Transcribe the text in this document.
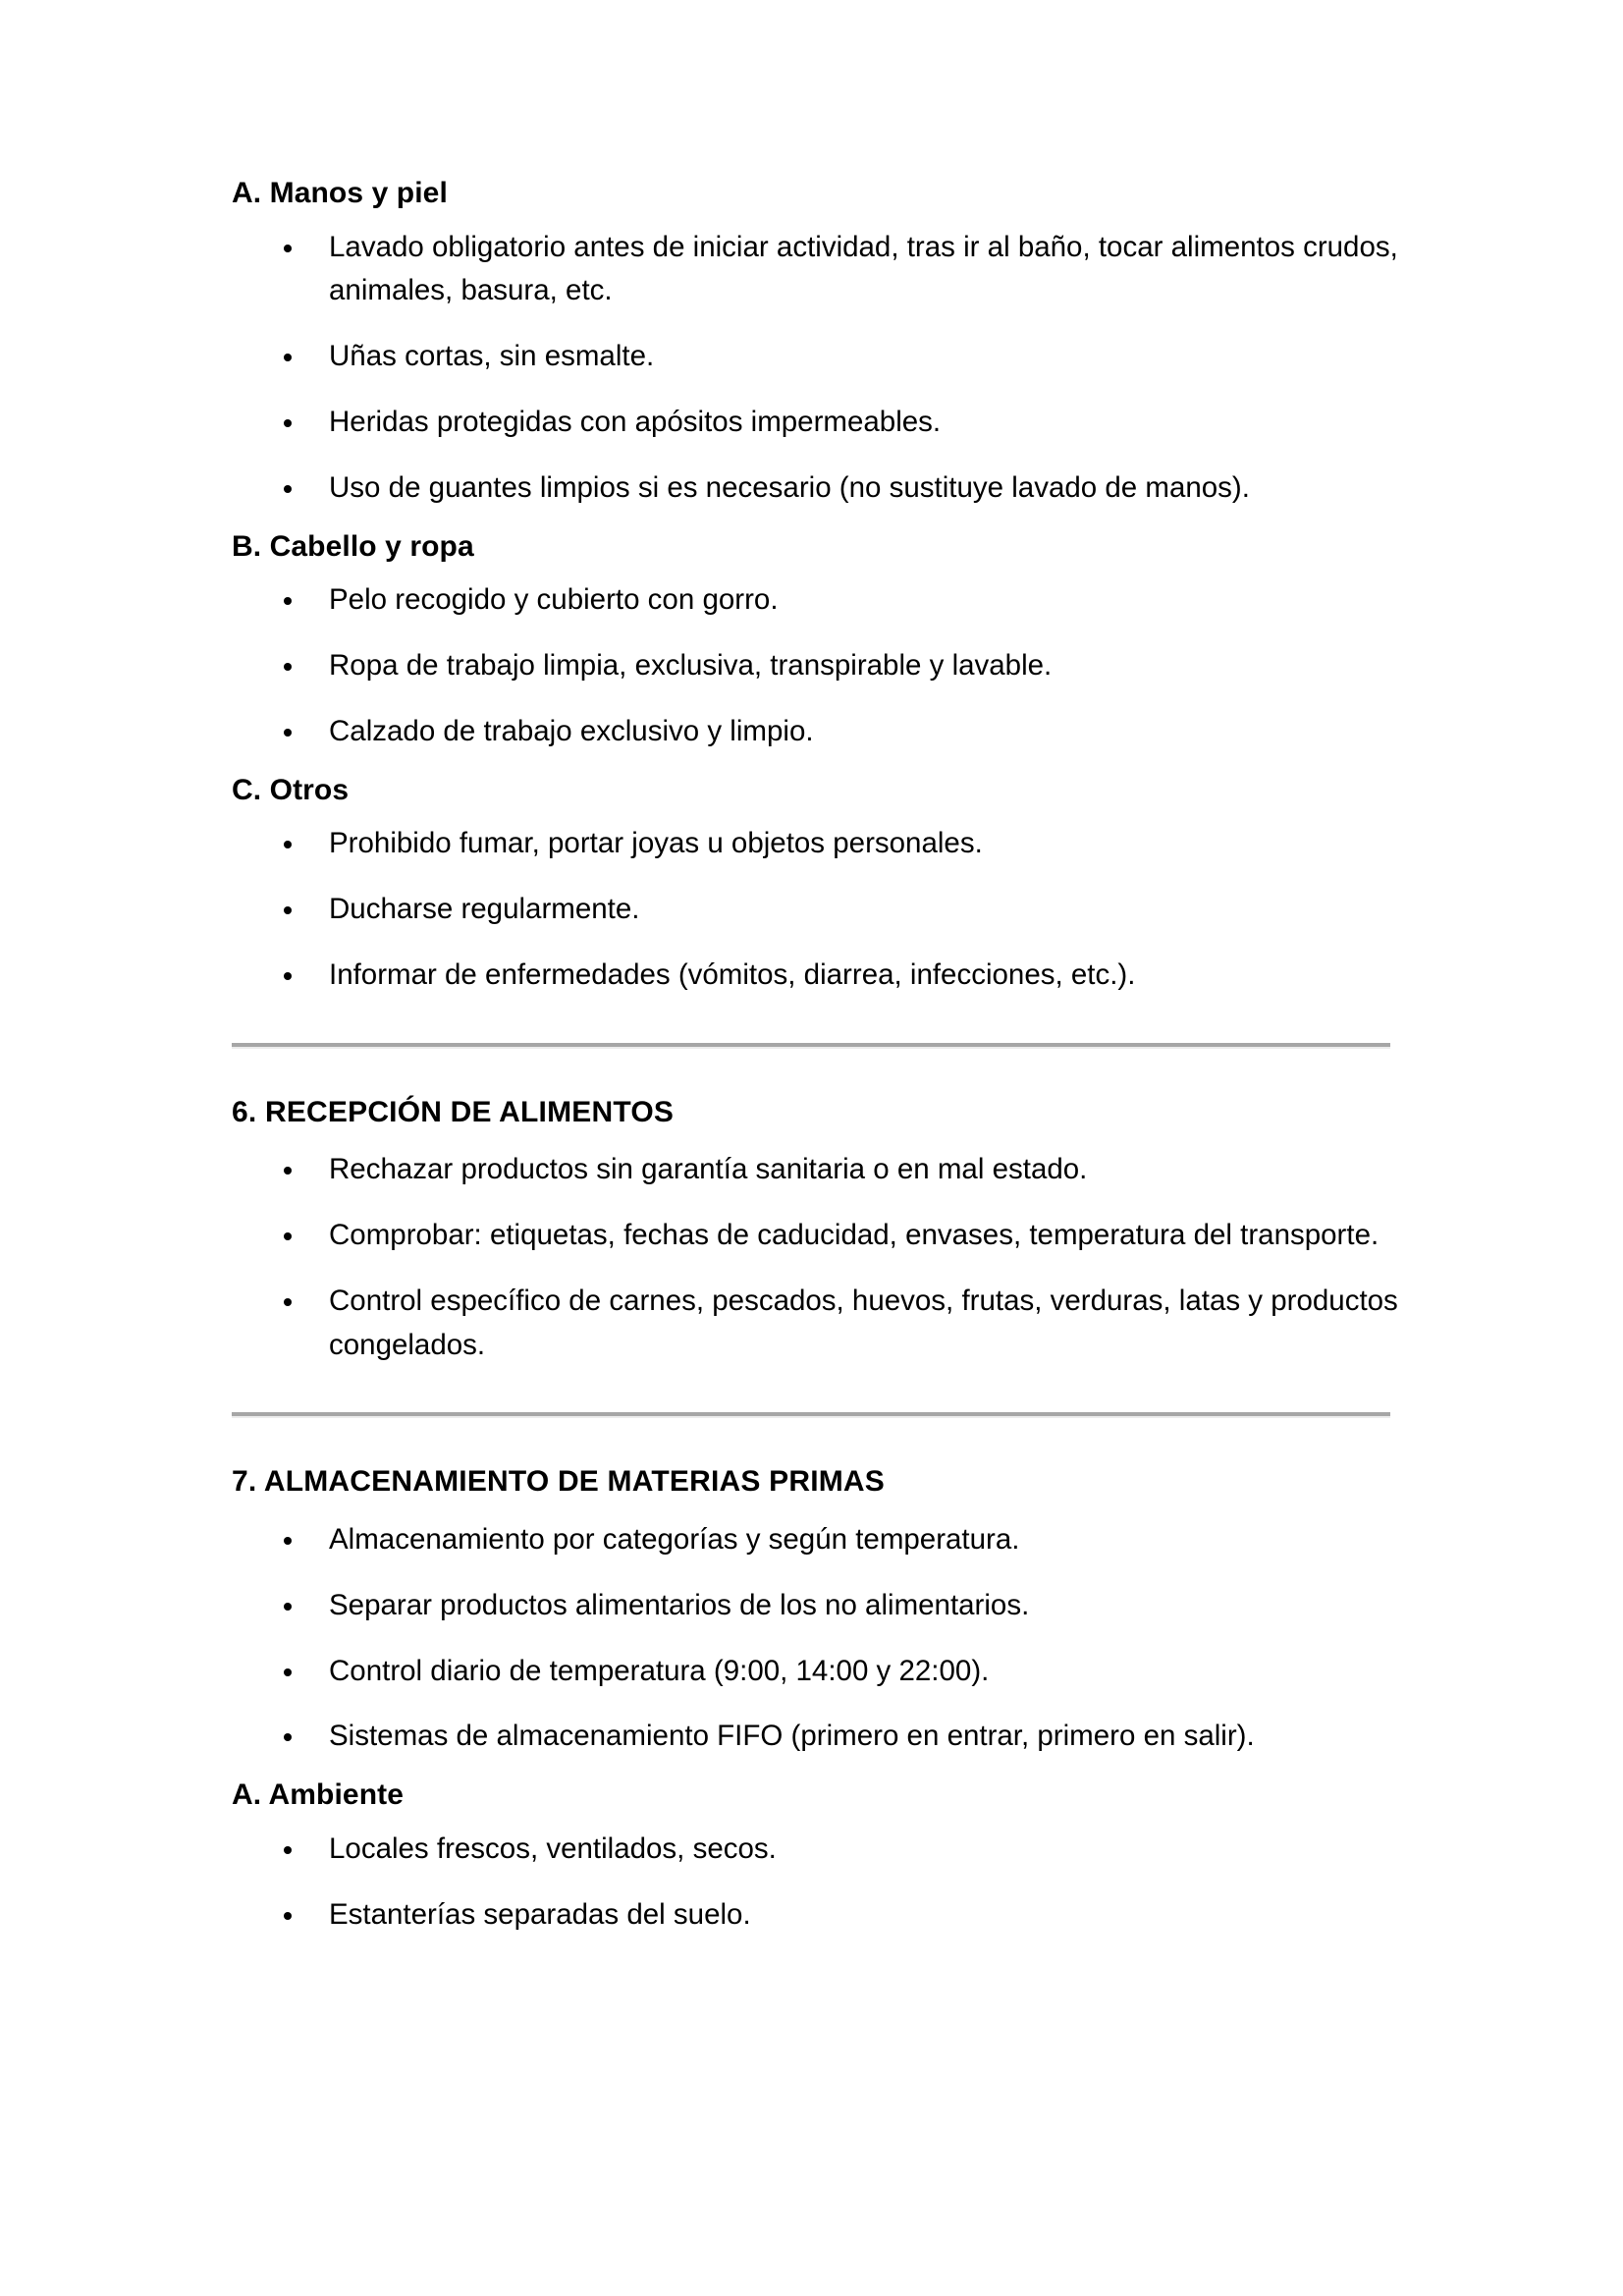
A. Manos y piel
Lavado obligatorio antes de iniciar actividad, tras ir al baño, tocar alimentos crudos, animales, basura, etc.
Uñas cortas, sin esmalte.
Heridas protegidas con apósitos impermeables.
Uso de guantes limpios si es necesario (no sustituye lavado de manos).
B. Cabello y ropa
Pelo recogido y cubierto con gorro.
Ropa de trabajo limpia, exclusiva, transpirable y lavable.
Calzado de trabajo exclusivo y limpio.
C. Otros
Prohibido fumar, portar joyas u objetos personales.
Ducharse regularmente.
Informar de enfermedades (vómitos, diarrea, infecciones, etc.).
6. RECEPCIÓN DE ALIMENTOS
Rechazar productos sin garantía sanitaria o en mal estado.
Comprobar: etiquetas, fechas de caducidad, envases, temperatura del transporte.
Control específico de carnes, pescados, huevos, frutas, verduras, latas y productos congelados.
7. ALMACENAMIENTO DE MATERIAS PRIMAS
Almacenamiento por categorías y según temperatura.
Separar productos alimentarios de los no alimentarios.
Control diario de temperatura (9:00, 14:00 y 22:00).
Sistemas de almacenamiento FIFO (primero en entrar, primero en salir).
A. Ambiente
Locales frescos, ventilados, secos.
Estanterías separadas del suelo.
